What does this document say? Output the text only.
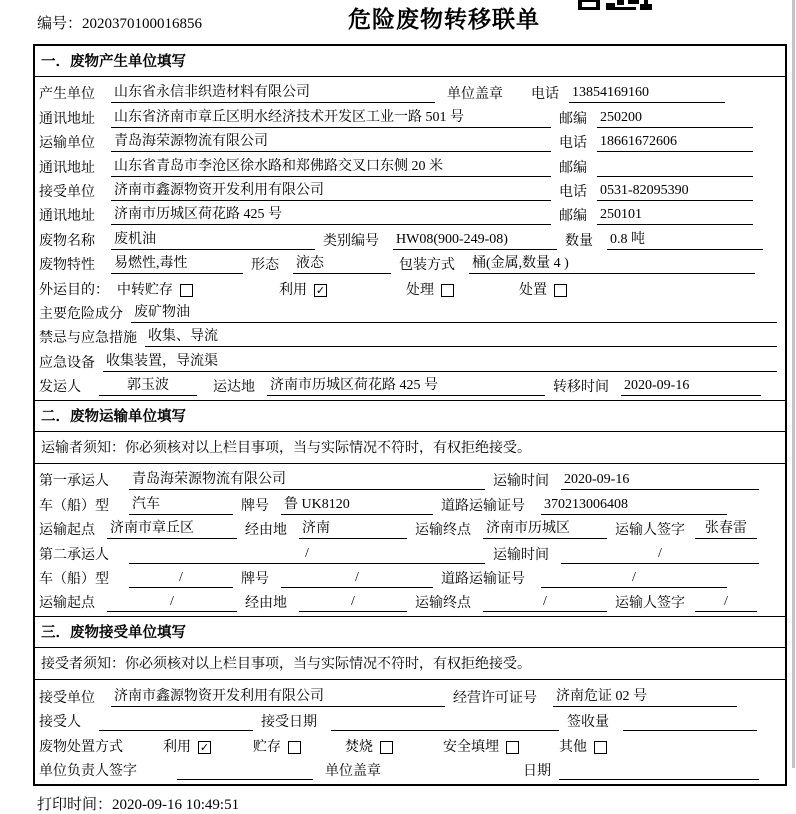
编号：2020370100016856	危险废物转移联单
一．废物产生单位填写
产生单位	山东省永信非织造材料有限公司	单位盖章 电话 13854169160
通讯地址	山东省济南市章丘区明水经济技术开发区工业一路 501 号	邮编 250200
运输单位	青岛海荣源物流有限公司	电话 18661672606
通讯地址	山东省青岛市李沧区徐水路和郑佛路交叉口东侧 20 米	邮编
接受单位	济南市鑫源物资开发利用有限公司	电话 0531-82095390
通讯地址	济南市历城区荷花路 425 号	邮编 250101
废物名称	废机油	类别编号	HW08(900-249-08)	数量	0.8 吨
废物特性	易燃性,毒性	形态	液态	包装方式	桶(金属,数量 4 )
外运目的： 中转贮存	利用 ✓	处理	处置
主要危险成分 废矿物油
禁忌与应急措施 收集、导流
应急设备 收集装置，导流渠
发运人	郭玉波	运达地 济南市历城区荷花路 425 号	转移时间 2020-09-16
二．废物运输单位填写
运输者须知：你必须核对以上栏目事项，当与实际情况不符时，有权拒绝接受。
第一承运人	青岛海荣源物流有限公司	运输时间 2020-09-16
车（船）型	汽车	牌号 鲁 UK8120	道路运输证号	370213006408
运输起点 济南市章丘区	经由地 济南	运输终点 济南市历城区	运输人签字	张春雷
第二承运人	/	运输时间	/
车（船）型	/	牌号	/	道路运输证号	/
运输起点	/	经由地	/	运输终点	/	运输人签字	/
三．废物接受单位填写
接受者须知：你必须核对以上栏目事项，当与实际情况不符时，有权拒绝接受。
接受单位	济南市鑫源物资开发利用有限公司	经营许可证号	济南危证 02 号
接受人	接受日期	签收量
废物处置方式	利用 ✓	贮存	焚烧	安全填埋	其他
单位负责人签字	单位盖章	日期
打印时间：2020-09-16 10:49:51
